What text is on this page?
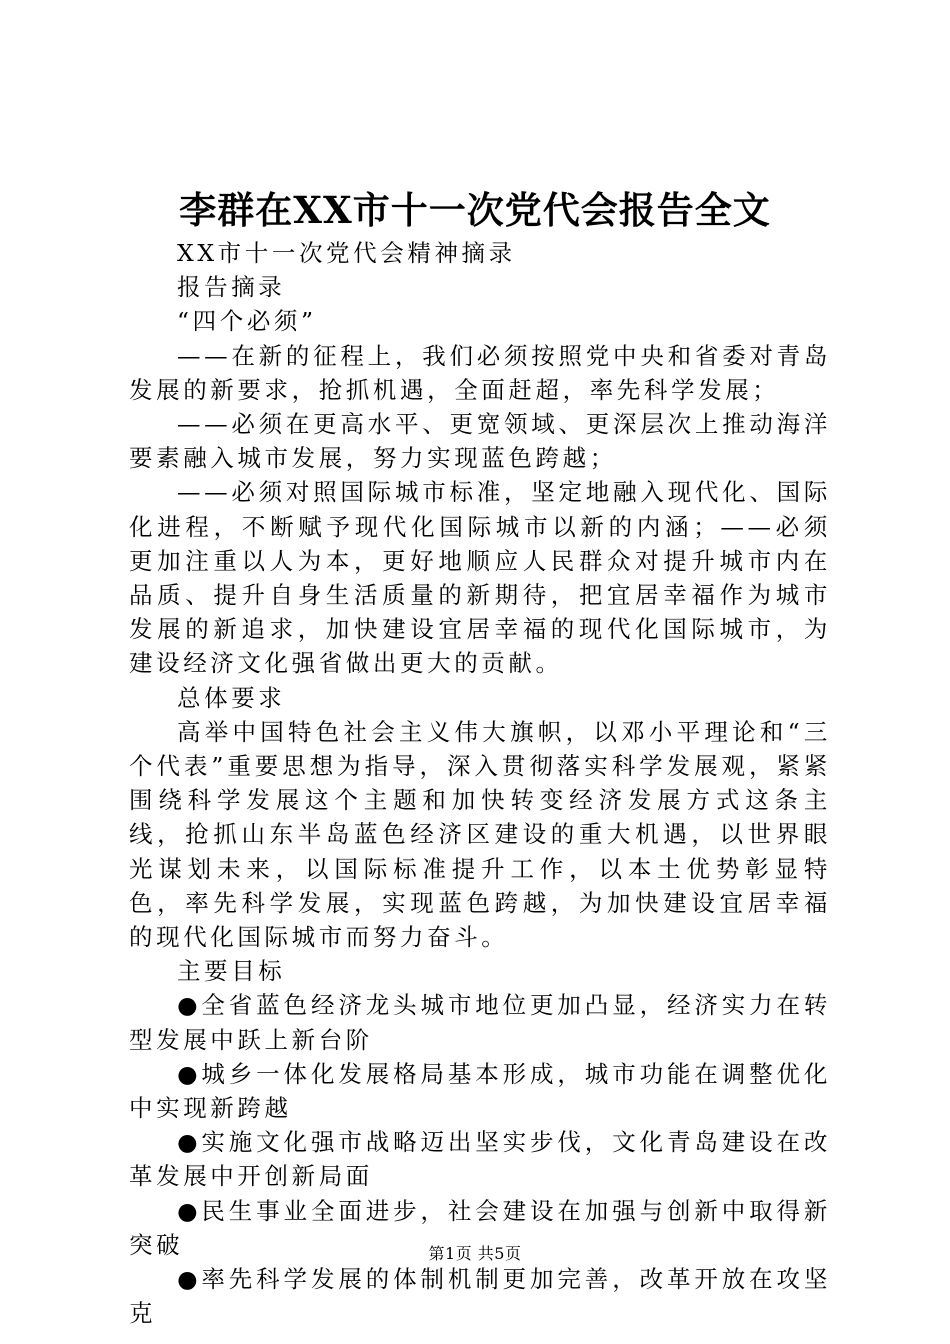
李群在XX市十一次党代会报告全文

XX市十一次党代会精神摘录

报告摘录

“四个必须”

——在新的征程上，我们必须按照党中央和省委对青岛发展的新要求，抢抓机遇，全面赶超，率先科学发展；

——必须在更高水平、更宽领域、更深层次上推动海洋要素融入城市发展，努力实现蓝色跨越；

——必须对照国际城市标准，坚定地融入现代化、国际化进程，不断赋予现代化国际城市以新的内涵；——必须更加注重以人为本，更好地顺应人民群众对提升城市内在品质、提升自身生活质量的新期待，把宜居幸福作为城市发展的新追求，加快建设宜居幸福的现代化国际城市，为建设经济文化强省做出更大的贡献。

总体要求

高举中国特色社会主义伟大旗帜，以邓小平理论和“三个代表”重要思想为指导，深入贯彻落实科学发展观，紧紧围绕科学发展这个主题和加快转变经济发展方式这条主线，抢抓山东半岛蓝色经济区建设的重大机遇，以世界眼光谋划未来，以国际标准提升工作，以本土优势彰显特色，率先科学发展，实现蓝色跨越，为加快建设宜居幸福的现代化国际城市而努力奋斗。

主要目标

●全省蓝色经济龙头城市地位更加凸显，经济实力在转型发展中跃上新台阶

●城乡一体化发展格局基本形成，城市功能在调整优化中实现新跨越

●实施文化强市战略迈出坚实步伐，文化青岛建设在改革发展中开创新局面

●民生事业全面进步，社会建设在加强与创新中取得新突破

●率先科学发展的体制机制更加完善，改革开放在攻坚克

第1页 共5页
